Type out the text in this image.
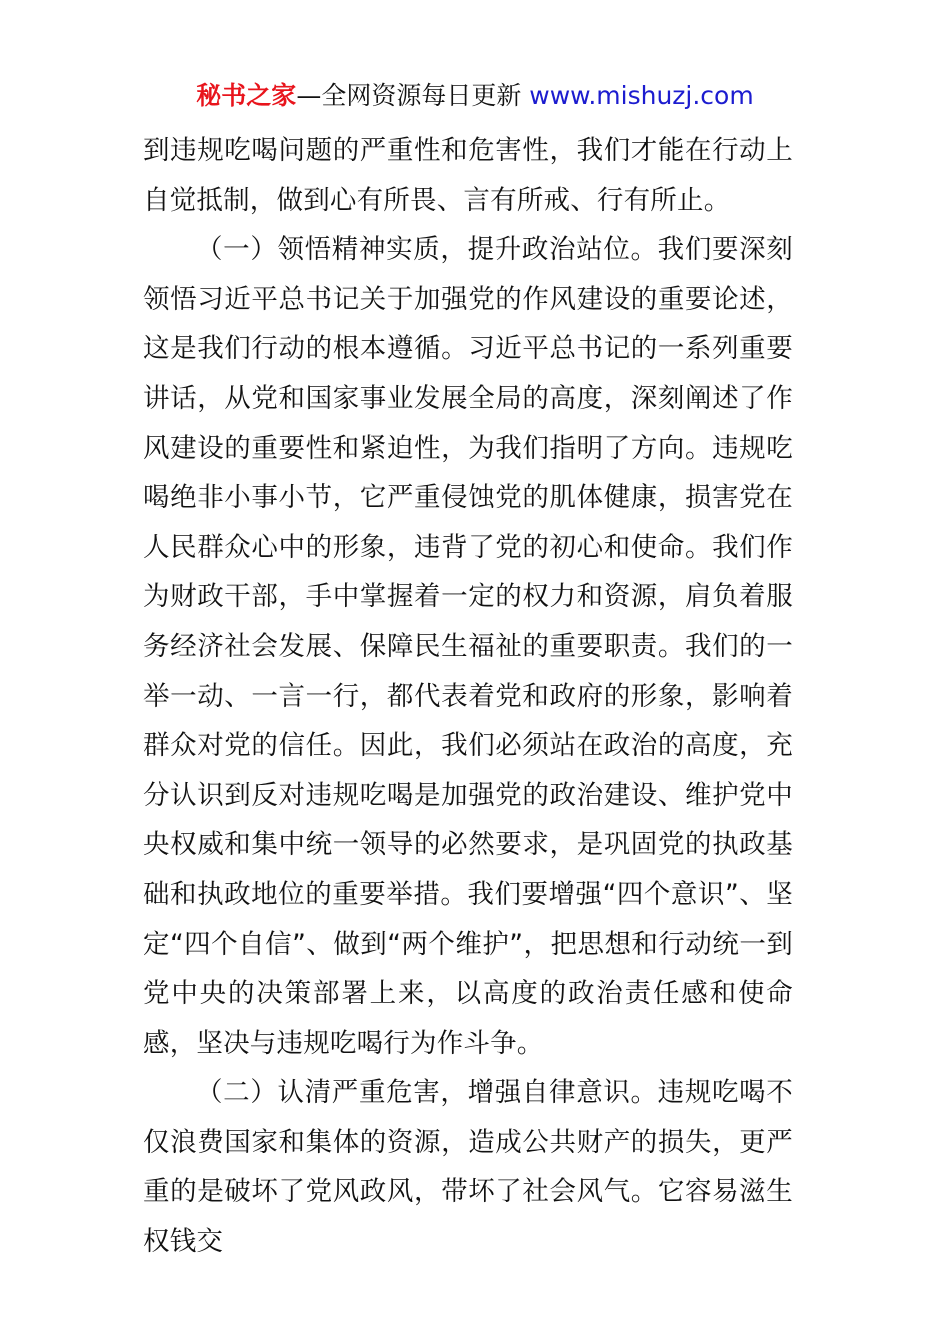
秘书之家—全网资源每日更新 www.mishuzj.com

到违规吃喝问题的严重性和危害性，我们才能在行动上自觉抵制，做到心有所畏、言有所戒、行有所止。

（一）领悟精神实质，提升政治站位。我们要深刻领悟习近平总书记关于加强党的作风建设的重要论述，这是我们行动的根本遵循。习近平总书记的一系列重要讲话，从党和国家事业发展全局的高度，深刻阐述了作风建设的重要性和紧迫性，为我们指明了方向。违规吃喝绝非小事小节，它严重侵蚀党的肌体健康，损害党在人民群众心中的形象，违背了党的初心和使命。我们作为财政干部，手中掌握着一定的权力和资源，肩负着服务经济社会发展、保障民生福祉的重要职责。我们的一举一动、一言一行，都代表着党和政府的形象，影响着群众对党的信任。因此，我们必须站在政治的高度，充分认识到反对违规吃喝是加强党的政治建设、维护党中央权威和集中统一领导的必然要求，是巩固党的执政基础和执政地位的重要举措。我们要增强“四个意识”、坚定“四个自信”、做到“两个维护”，把思想和行动统一到党中央的决策部署上来，以高度的政治责任感和使命感，坚决与违规吃喝行为作斗争。

（二）认清严重危害，增强自律意识。违规吃喝不仅浪费国家和集体的资源，造成公共财产的损失，更严重的是破坏了党风政风，带坏了社会风气。它容易滋生权钱交
